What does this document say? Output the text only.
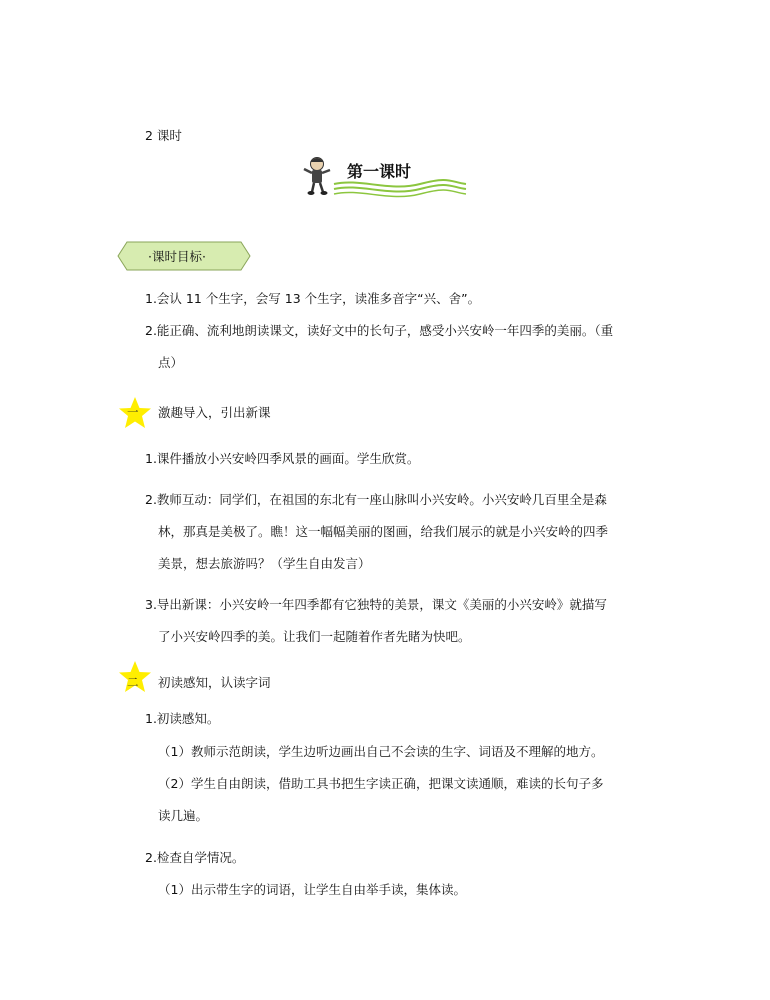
2 课时
第一课时
·课时目标·
1.会认 11 个生字，会写 13 个生字，读准多音字“兴、舍”。
2.能正确、流利地朗读课文，读好文中的长句子，感受小兴安岭一年四季的美丽。（重
点）
一 激趣导入，引出新课
1.课件播放小兴安岭四季风景的画面。学生欣赏。
2.教师互动：同学们，在祖国的东北有一座山脉叫小兴安岭。小兴安岭几百里全是森
林，那真是美极了。瞧！这一幅幅美丽的图画，给我们展示的就是小兴安岭的四季
美景，想去旅游吗？（学生自由发言）
3.导出新课：小兴安岭一年四季都有它独特的美景，课文《美丽的小兴安岭》就描写
了小兴安岭四季的美。让我们一起随着作者先睹为快吧。
二 初读感知，认读字词
1.初读感知。
（1）教师示范朗读，学生边听边画出自己不会读的生字、词语及不理解的地方。
（2）学生自由朗读，借助工具书把生字读正确，把课文读通顺，难读的长句子多
读几遍。
2.检查自学情况。
（1）出示带生字的词语，让学生自由举手读，集体读。
